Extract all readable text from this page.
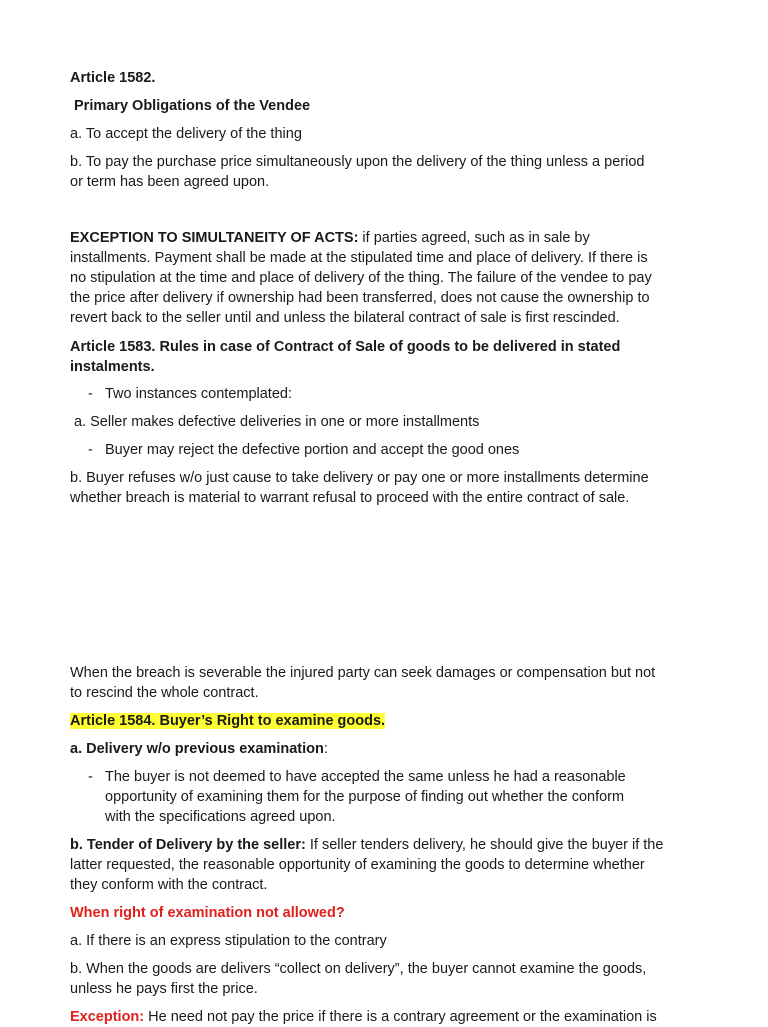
Article 1582.
Primary Obligations of the Vendee
a. To accept the delivery of the thing
b. To pay the purchase price simultaneously upon the delivery of the thing unless a period
or term has been agreed upon.
EXCEPTION TO SIMULTANEITY OF ACTS: if parties agreed, such as in sale by
installments. Payment shall be made at the stipulated time and place of delivery. If there is
no stipulation at the time and place of delivery of the thing. The failure of the vendee to pay
the price after delivery if ownership had been transferred, does not cause the ownership to
revert back to the seller until and unless the bilateral contract of sale is first rescinded.
Article 1583. Rules in case of Contract of Sale of goods to be delivered in stated
instalments.
- Two instances contemplated:
a. Seller makes defective deliveries in one or more installments
- Buyer may reject the defective portion and accept the good ones
b. Buyer refuses w/o just cause to take delivery or pay one or more installments determine
whether breach is material to warrant refusal to proceed with the entire contract of sale.
When the breach is severable the injured party can seek damages or compensation but not
to rescind the whole contract.
Article 1584. Buyer’s Right to examine goods.
a. Delivery w/o previous examination:
- The buyer is not deemed to have accepted the same unless he had a reasonable
opportunity of examining them for the purpose of finding out whether the conform
with the specifications agreed upon.
b. Tender of Delivery by the seller: If seller tenders delivery, he should give the buyer if the
latter requested, the reasonable opportunity of examining the goods to determine whether
they conform with the contract.
When right of examination not allowed?
a. If there is an express stipulation to the contrary
b. When the goods are delivers “collect on delivery”, the buyer cannot examine the goods,
unless he pays first the price.
Exception: He need not pay the price if there is a contrary agreement or the examination is
